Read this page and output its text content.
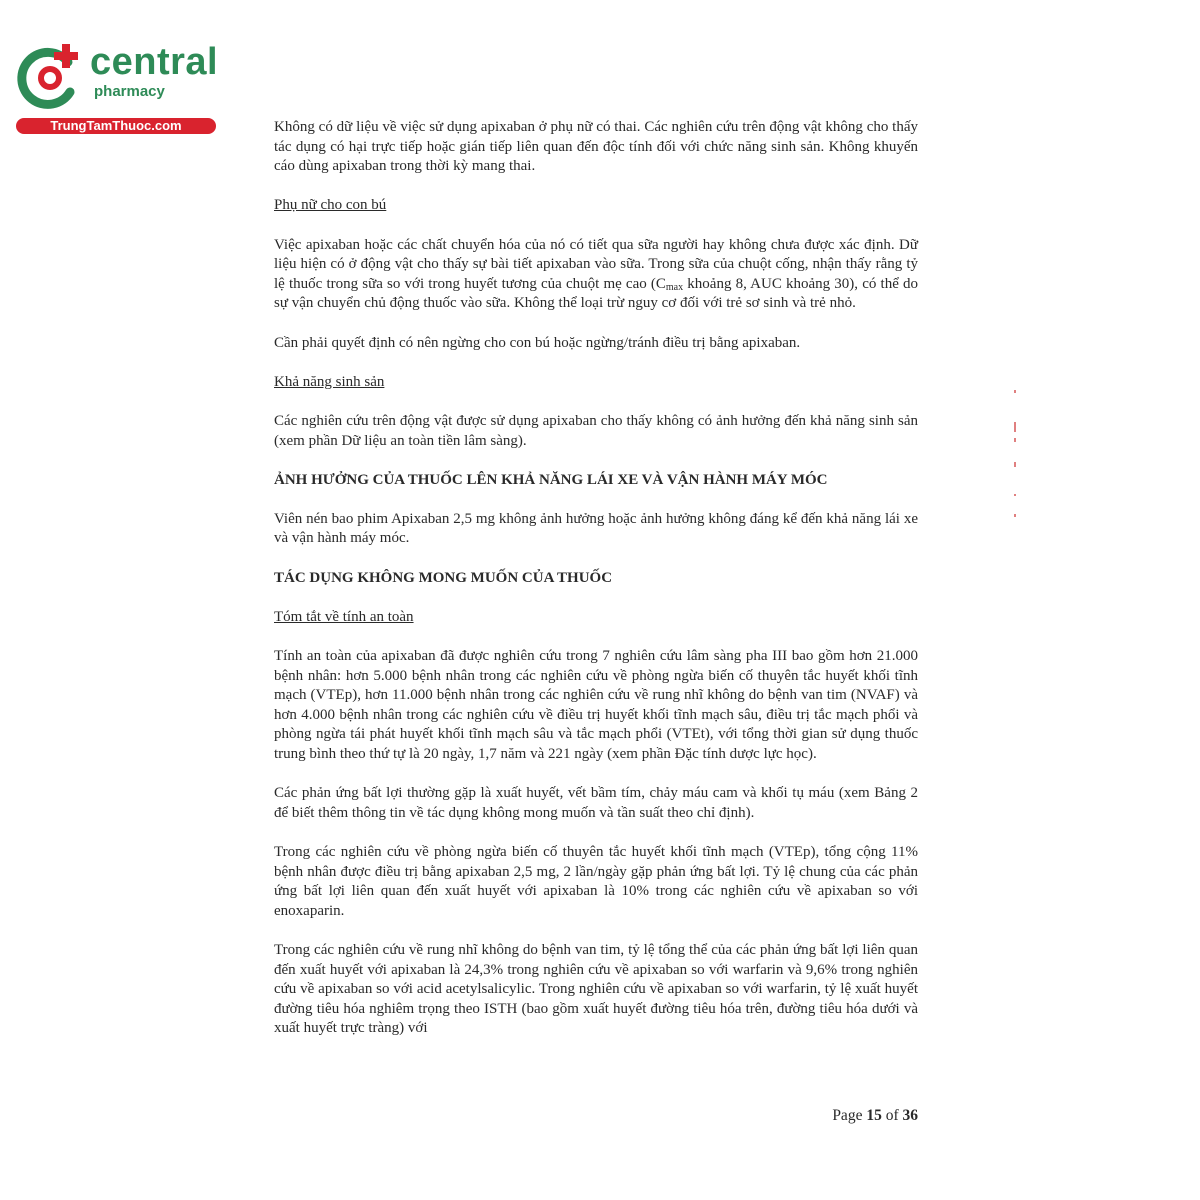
central
pharmacy
TrungTamThuoc.com	Không có dữ liệu về việc sử dụng apixaban ở phụ nữ có thai. Các nghiên cứu trên động vật không cho thấy tác dụng có hại trực tiếp hoặc gián tiếp liên quan đến độc tính đối với chức năng sinh sản. Không khuyến cáo dùng apixaban trong thời kỳ mang thai.

Phụ nữ cho con bú

Việc apixaban hoặc các chất chuyển hóa của nó có tiết qua sữa người hay không chưa được xác định. Dữ liệu hiện có ở động vật cho thấy sự bài tiết apixaban vào sữa. Trong sữa của chuột cống, nhận thấy rằng tỷ lệ thuốc trong sữa so với trong huyết tương của chuột mẹ cao ($C_{max}$ khoảng 8, AUC khoảng 30), có thể do sự vận chuyển chủ động thuốc vào sữa. Không thể loại trừ nguy cơ đối với trẻ sơ sinh và trẻ nhỏ.

Cần phải quyết định có nên ngừng cho con bú hoặc ngừng/tránh điều trị bằng apixaban.

Khả năng sinh sản

Các nghiên cứu trên động vật được sử dụng apixaban cho thấy không có ảnh hưởng đến khả năng sinh sản (xem phần Dữ liệu an toàn tiền lâm sàng).

ẢNH HƯỞNG CỦA THUỐC LÊN KHẢ NĂNG LÁI XE VÀ VẬN HÀNH MÁY MÓC

Viên nén bao phim Apixaban 2,5 mg không ảnh hưởng hoặc ảnh hưởng không đáng kể đến khả năng lái xe và vận hành máy móc.

TÁC DỤNG KHÔNG MONG MUỐN CỦA THUỐC

Tóm tắt về tính an toàn

Tính an toàn của apixaban đã được nghiên cứu trong 7 nghiên cứu lâm sàng pha III bao gồm hơn 21.000 bệnh nhân: hơn 5.000 bệnh nhân trong các nghiên cứu về phòng ngừa biến cố thuyên tắc huyết khối tĩnh mạch (VTEp), hơn 11.000 bệnh nhân trong các nghiên cứu về rung nhĩ không do bệnh van tim (NVAF) và hơn 4.000 bệnh nhân trong các nghiên cứu về điều trị huyết khối tĩnh mạch sâu, điều trị tắc mạch phổi và phòng ngừa tái phát huyết khối tĩnh mạch sâu và tắc mạch phổi (VTEt), với tổng thời gian sử dụng thuốc trung bình theo thứ tự là 20 ngày, 1,7 năm và 221 ngày (xem phần Đặc tính dược lực học).

Các phản ứng bất lợi thường gặp là xuất huyết, vết bầm tím, chảy máu cam và khối tụ máu (xem Bảng 2 để biết thêm thông tin về tác dụng không mong muốn và tần suất theo chỉ định).

Trong các nghiên cứu về phòng ngừa biến cố thuyên tắc huyết khối tĩnh mạch (VTEp), tổng cộng 11% bệnh nhân được điều trị bằng apixaban 2,5 mg, 2 lần/ngày gặp phản ứng bất lợi. Tỷ lệ chung của các phản ứng bất lợi liên quan đến xuất huyết với apixaban là 10% trong các nghiên cứu về apixaban so với enoxaparin.

Trong các nghiên cứu về rung nhĩ không do bệnh van tim, tỷ lệ tổng thể của các phản ứng bất lợi liên quan đến xuất huyết với apixaban là 24,3% trong nghiên cứu về apixaban so với warfarin và 9,6% trong nghiên cứu về apixaban so với acid acetylsalicylic. Trong nghiên cứu về apixaban so với warfarin, tỷ lệ xuất huyết đường tiêu hóa nghiêm trọng theo ISTH (bao gồm xuất huyết đường tiêu hóa trên, đường tiêu hóa dưới và xuất huyết trực tràng) với

Page 15 of 36
